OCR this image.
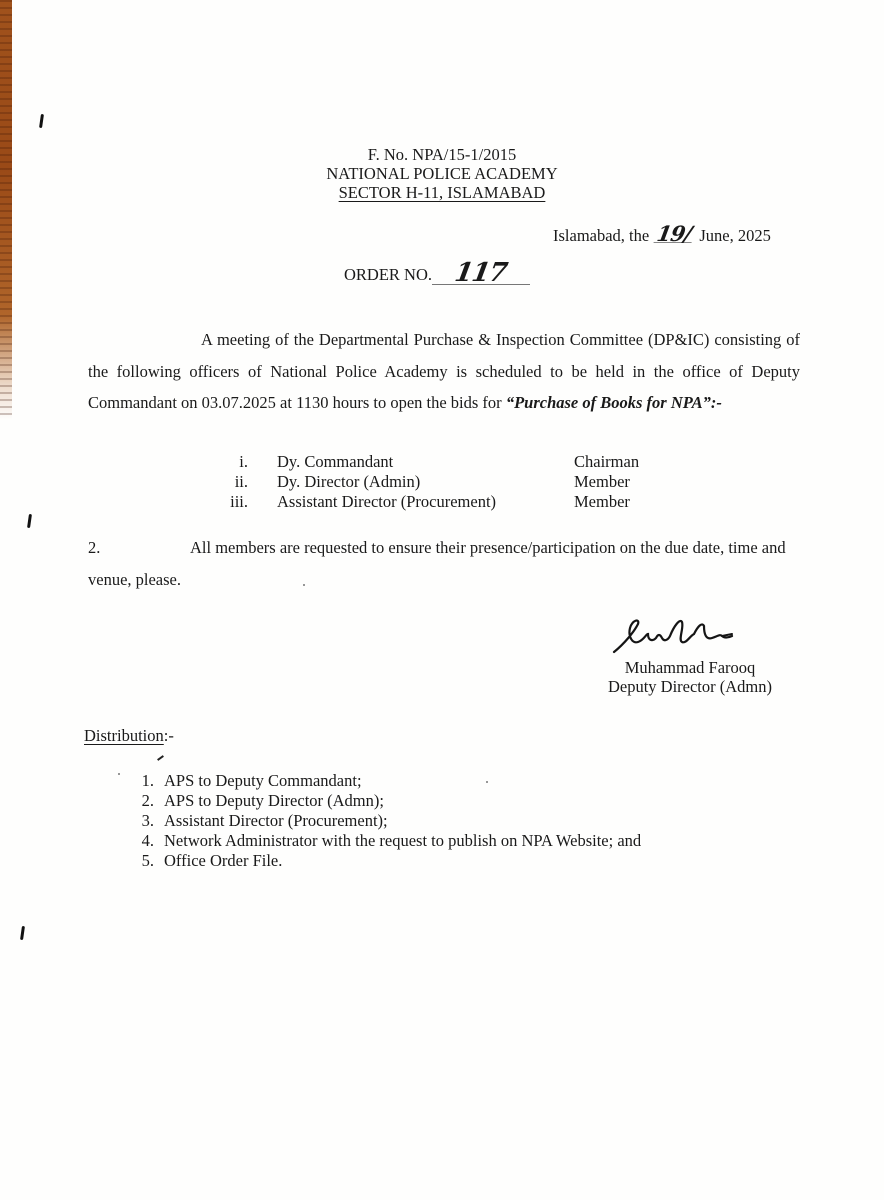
F. No. NPA/15-1/2015
NATIONAL POLICE ACADEMY
SECTOR H-11, ISLAMABAD
Islamabad, the 19/ June, 2025
ORDER NO. 117
A meeting of the Departmental Purchase & Inspection Committee (DP&IC) consisting of the following officers of National Police Academy is scheduled to be held in the office of Deputy Commandant on 03.07.2025 at 1130 hours to open the bids for “Purchase of Books for NPA”:-
i.	Dy. Commandant	Chairman
ii.	Dy. Director (Admin)	Member
iii.	Assistant Director (Procurement)	Member
2.	All members are requested to ensure their presence/participation on the due date, time and venue, please.
Muhammad Farooq
Deputy Director (Admn)
Distribution:-
1. APS to Deputy Commandant;
2. APS to Deputy Director (Admn);
3. Assistant Director (Procurement);
4. Network Administrator with the request to publish on NPA Website; and
5. Office Order File.
